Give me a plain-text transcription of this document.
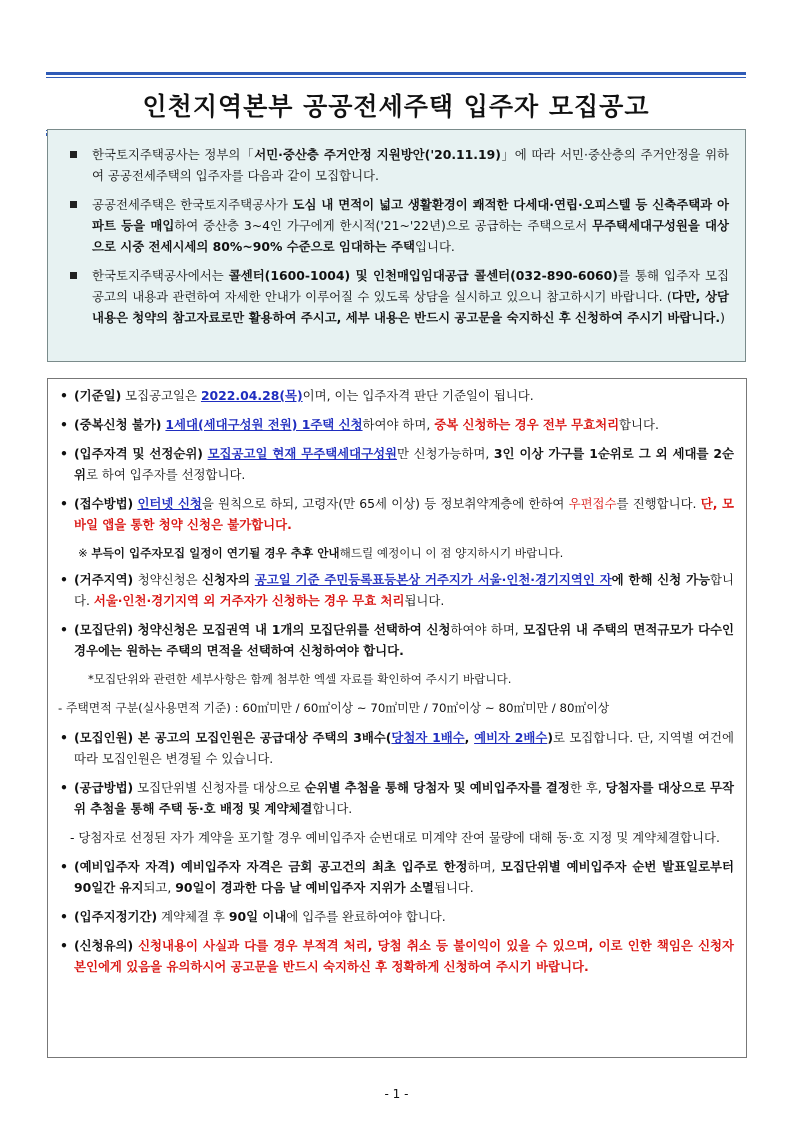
인천지역본부 공공전세주택 입주자 모집공고
한국토지주택공사는 정부의「서민·중산층 주거안정 지원방안('20.11.19)」에 따라 서민·중산층의 주거안정을 위하여 공공전세주택의 입주자를 다음과 같이 모집합니다.
공공전세주택은 한국토지주택공사가 도심 내 면적이 넓고 생활환경이 쾌적한 다세대·연립·오피스텔 등 신축주택과 아파트 등을 매입하여 중산층 3~4인 가구에게 한시적('21~'22년)으로 공급하는 주택으로서 무주택세대구성원을 대상으로 시중 전세시세의 80%~90% 수준으로 임대하는 주택입니다.
한국토지주택공사에서는 콜센터(1600-1004) 및 인천매입임대공급 콜센터(032-890-6060)를 통해 입주자 모집공고의 내용과 관련하여 자세한 안내가 이루어질 수 있도록 상담을 실시하고 있으니 참고하시기 바랍니다. (다만, 상담내용은 청약의 참고자료로만 활용하여 주시고, 세부 내용은 반드시 공고문을 숙지하신 후 신청하여 주시기 바랍니다.)
• (기준일) 모집공고일은 2022.04.28(목)이며, 이는 입주자격 판단 기준일이 됩니다.
• (중복신청 불가) 1세대(세대구성원 전원) 1주택 신청하여야 하며, 중복 신청하는 경우 전부 무효처리합니다.
• (입주자격 및 선정순위) 모집공고일 현재 무주택세대구성원만 신청가능하며, 3인 이상 가구를 1순위로 그 외 세대를 2순위로 하여 입주자를 선정합니다.
• (접수방법) 인터넷 신청을 원칙으로 하되, 고령자(만 65세 이상) 등 정보취약계층에 한하여 우편접수를 진행합니다. 단, 모바일 앱을 통한 청약 신청은 불가합니다.
※ 부득이 입주자모집 일정이 연기될 경우 추후 안내해드릴 예정이니 이 점 양지하시기 바랍니다.
• (거주지역) 청약신청은 신청자의 공고일 기준 주민등록표등본상 거주지가 서울·인천·경기지역인 자에 한해 신청 가능합니다. 서울·인천·경기지역 외 거주자가 신청하는 경우 무효 처리됩니다.
• (모집단위) 청약신청은 모집권역 내 1개의 모집단위를 선택하여 신청하여야 하며, 모집단위 내 주택의 면적규모가 다수인 경우에는 원하는 주택의 면적을 선택하여 신청하여야 합니다.
*모집단위와 관련한 세부사항은 함께 첨부한 엑셀 자료를 확인하여 주시기 바랍니다.
- 주택면적 구분(실사용면적 기준) : 60㎡미만 / 60㎡이상 ~ 70㎡미만 / 70㎡이상 ~ 80㎡미만 / 80㎡이상
• (모집인원) 본 공고의 모집인원은 공급대상 주택의 3배수(당첨자 1배수, 예비자 2배수)로 모집합니다. 단, 지역별 여건에 따라 모집인원은 변경될 수 있습니다.
• (공급방법) 모집단위별 신청자를 대상으로 순위별 추첨을 통해 당첨자 및 예비입주자를 결정한 후, 당첨자를 대상으로 무작위 추첨을 통해 주택 동·호 배정 및 계약체결합니다.
- 당첨자로 선정된 자가 계약을 포기할 경우 예비입주자 순번대로 미계약 잔여 물량에 대해 동·호 지정 및 계약체결합니다.
• (예비입주자 자격) 예비입주자 자격은 금회 공고건의 최초 입주로 한정하며, 모집단위별 예비입주자 순번 발표일로부터 90일간 유지되고, 90일이 경과한 다음 날 예비입주자 지위가 소멸됩니다.
• (입주지정기간) 계약체결 후 90일 이내에 입주를 완료하여야 합니다.
• (신청유의) 신청내용이 사실과 다를 경우 부적격 처리, 당첨 취소 등 불이익이 있을 수 있으며, 이로 인한 책임은 신청자 본인에게 있음을 유의하시어 공고문을 반드시 숙지하신 후 정확하게 신청하여 주시기 바랍니다.
- 1 -
